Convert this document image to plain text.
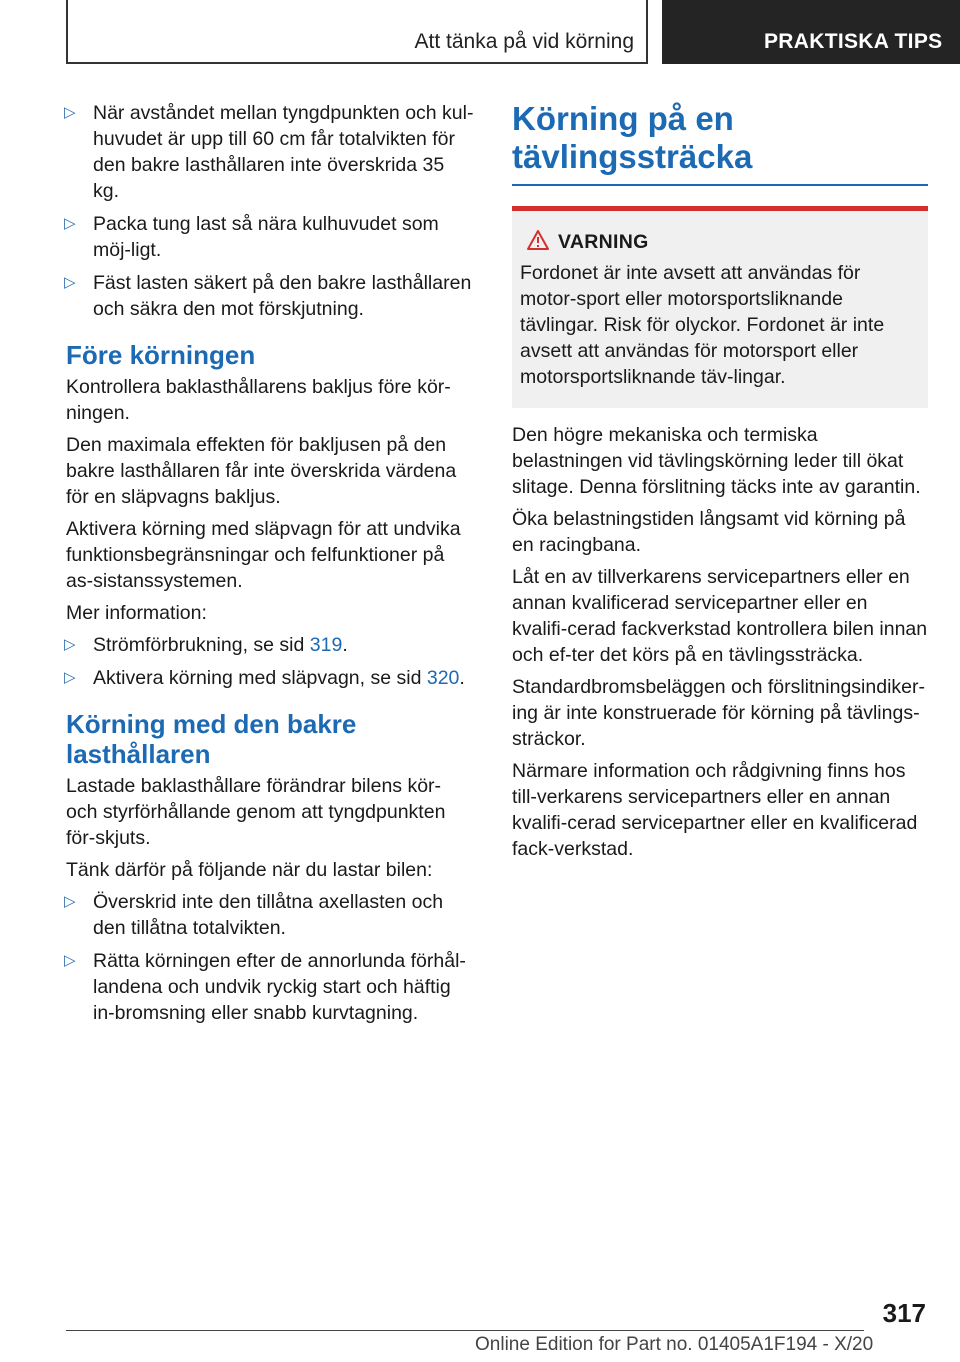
Att tänka på vid körning	PRAKTISKA TIPS
▷ När avståndet mellan tyngdpunkten och kul-huvudet är upp till 60 cm får totalvikten för den bakre lasthållaren inte överskrida 35 kg.
▷ Packa tung last så nära kulhuvudet som möj-ligt.
▷ Fäst lasten säkert på den bakre lasthållaren och säkra den mot förskjutning.
Före körningen

Kontrollera baklasthållarens bakljus före kör-ningen.

Den maximala effekten för bakljusen på den bakre lasthållaren får inte överskrida värdena för en släpvagns bakljus.

Aktivera körning med släpvagn för att undvika funktionsbegränsningar och felfunktioner på as-sistanssystemen.

Mer information:

▷ Strömförbrukning, se sid 319.
▷ Aktivera körning med släpvagn, se sid 320.
Körning med den bakre lasthållaren

Lastade baklasthållare förändrar bilens kör- och styrförhållande genom att tyngdpunkten för-skjuts.

Tänk därför på följande när du lastar bilen:

▷ Överskrid inte den tillåtna axellasten och den tillåtna totalvikten.
▷ Rätta körningen efter de annorlunda förhål-landena och undvik ryckig start och häftig in-bromsning eller snabb kurvtagning.
Körning på en tävlingssträcka
VARNING

Fordonet är inte avsett att användas för motor-sport eller motorsportsliknande tävlingar. Risk för olyckor. Fordonet är inte avsett att användas för motorsport eller motorsportsliknande täv-lingar.

Den högre mekaniska och termiska belastningen vid tävlingskörning leder till ökat slitage. Denna förslitning täcks inte av garantin.

Öka belastningstiden långsamt vid körning på en racingbana.

Låt en av tillverkarens servicepartners eller en annan kvalificerad servicepartner eller en kvalifi-cerad fackverkstad kontrollera bilen innan och ef-ter det körs på en tävlingssträcka.

Standardbromsbeläggen och förslitningsindiker-ing är inte konstruerade för körning på tävlings-sträckor.

Närmare information och rådgivning finns hos till-verkarens servicepartners eller en annan kvalifi-cerad servicepartner eller en kvalificerad fack-verkstad.

317
Online Edition for Part no. 01405A1F194 - X/20
